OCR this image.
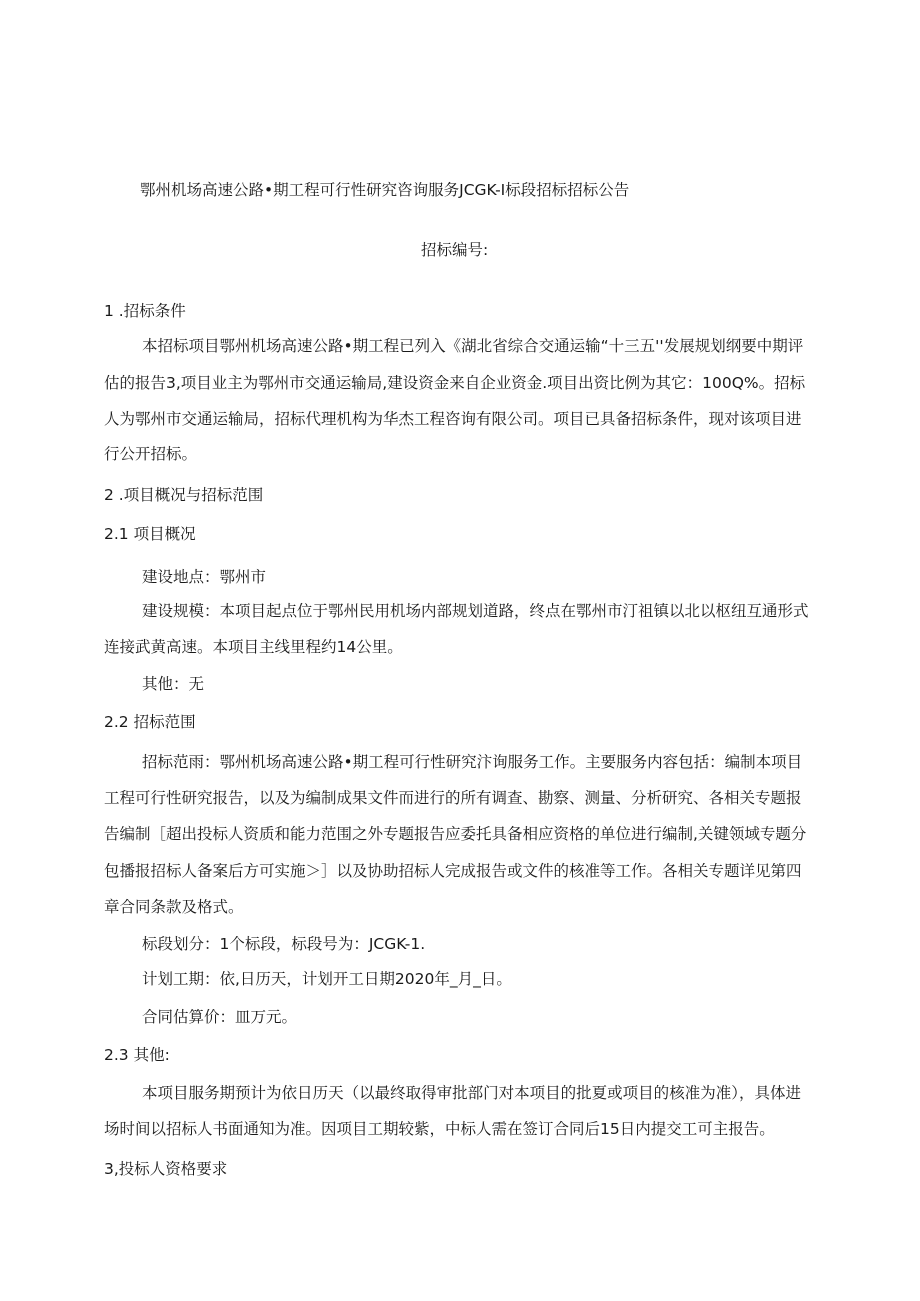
鄂州机场高速公路•期工程可行性研究咨询服务JCGK-I标段招标招标公告
招标编号:
1 .招标条件
本招标项目鄂州机场高速公路•期工程已列入《湖北省综合交通运输“十三五''发展规划纲要中期评
估的报告3,项目业主为鄂州市交通运输局,建设资金来自企业资金.项目出资比例为其它：100Q%。招标
人为鄂州市交通运输局，招标代理机构为华杰工程咨询有限公司。项目已具备招标条件，现对该项目进
行公开招标。
2 .项目概况与招标范围
2.1 项目概况
建设地点：鄂州市
建设规模：本项目起点位于鄂州民用机场内部规划道路，终点在鄂州市汀祖镇以北以枢纽互通形式
连接武黄高速。本项目主线里程约14公里。
其他：无
2.2 招标范围
招标范雨：鄂州机场高速公路•期工程可行性研究汴询服务工作。主要服务内容包括：编制本项目
工程可行性研究报告，以及为编制成果文件而进行的所有调查、勘察、测量、分析研究、各相关专题报
告编制［超出投标人资质和能力范围之外专题报告应委托具备相应资格的单位进行编制,关键领域专题分
包播报招标人备案后方可实施＞］以及协助招标人完成报告或文件的核准等工作。各相关专题详见第四
章合同条款及格式。
标段划分：1个标段，标段号为：JCGK-1.
计划工期：依,日历天，计划开工日期2020年_月_日。
合同估算价：皿万元。
2.3 其他:
本项目服务期预计为依日历天（以最终取得审批部门对本项目的批夏或项目的核准为准），具体进
场时间以招标人书面通知为准。因项目工期较紫，中标人需在签订合同后15日内提交工可主报告。
3,投标人资格要求
